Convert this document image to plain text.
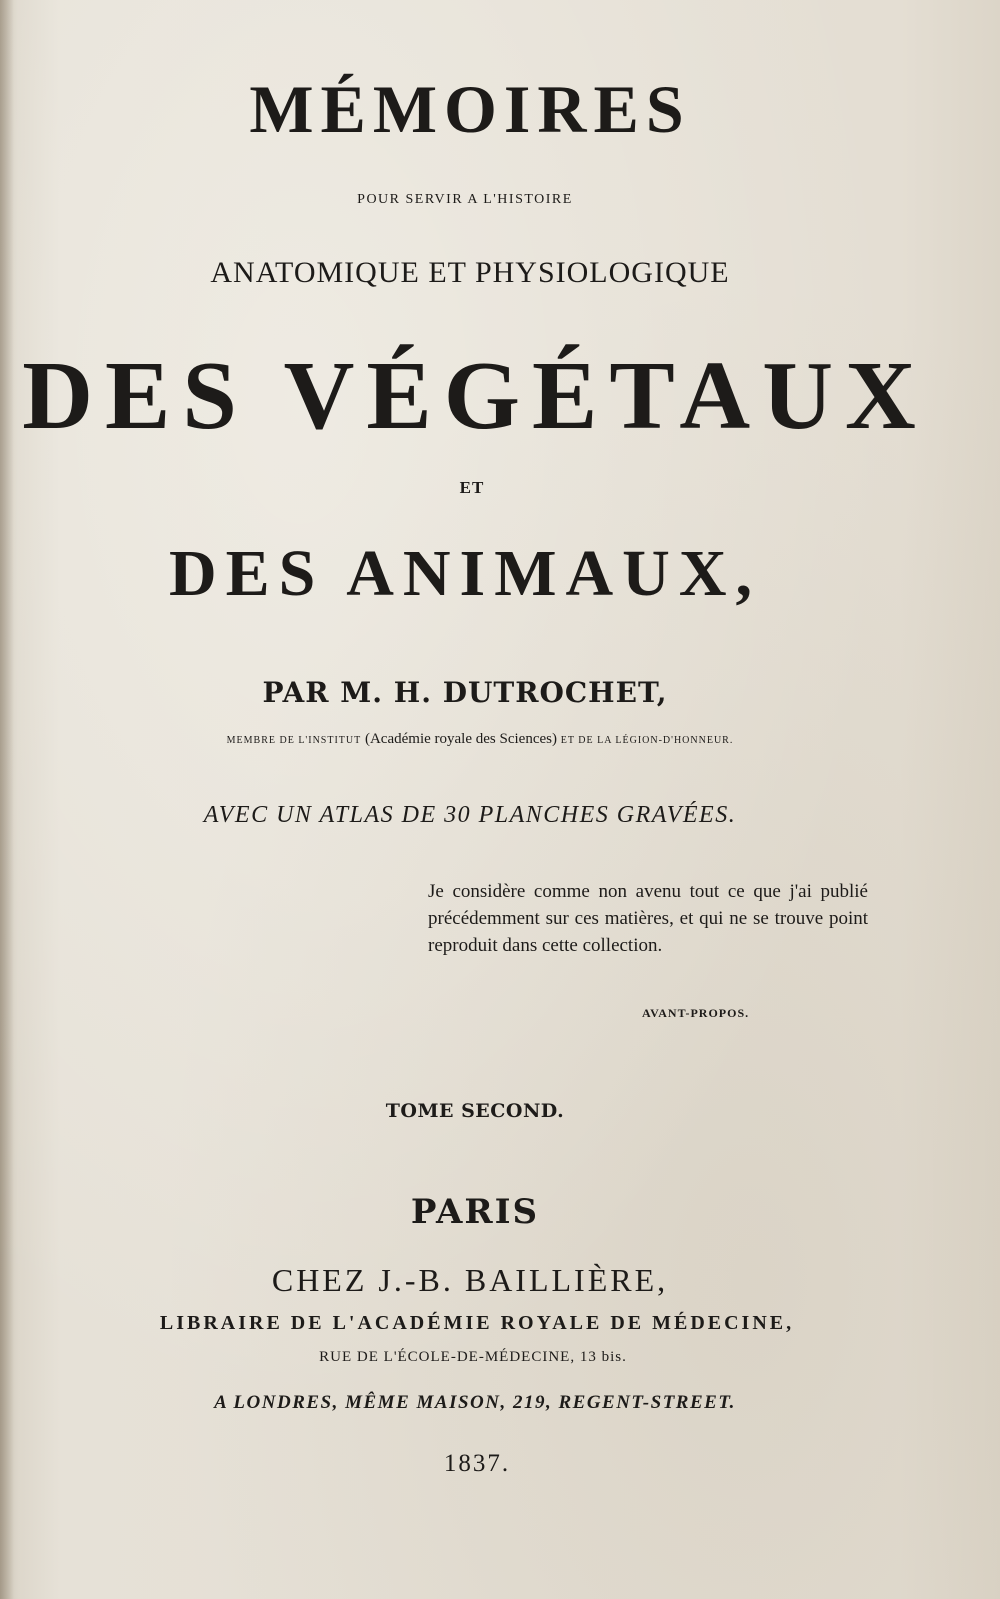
MÉMOIRES
POUR SERVIR A L'HISTOIRE
ANATOMIQUE ET PHYSIOLOGIQUE
DES VÉGÉTAUX
ET
DES ANIMAUX,
PAR M. H. DUTROCHET,
MEMBRE DE L'INSTITUT (Académie royale des Sciences) ET DE LA LÉGION-D'HONNEUR.
AVEC UN ATLAS DE 30 PLANCHES GRAVÉES.
Je considère comme non avenu tout ce que j'ai publié précédemment sur ces matières, et qui ne se trouve point reproduit dans cette collection.
AVANT-PROPOS.
TOME SECOND.
PARIS
CHEZ J.-B. BAILLIÈRE,
LIBRAIRE DE L'ACADÉMIE ROYALE DE MÉDECINE,
RUE DE L'ÉCOLE-DE-MÉDECINE, 13 bis.
A LONDRES, MÊME MAISON, 219, REGENT-STREET.
1837.
